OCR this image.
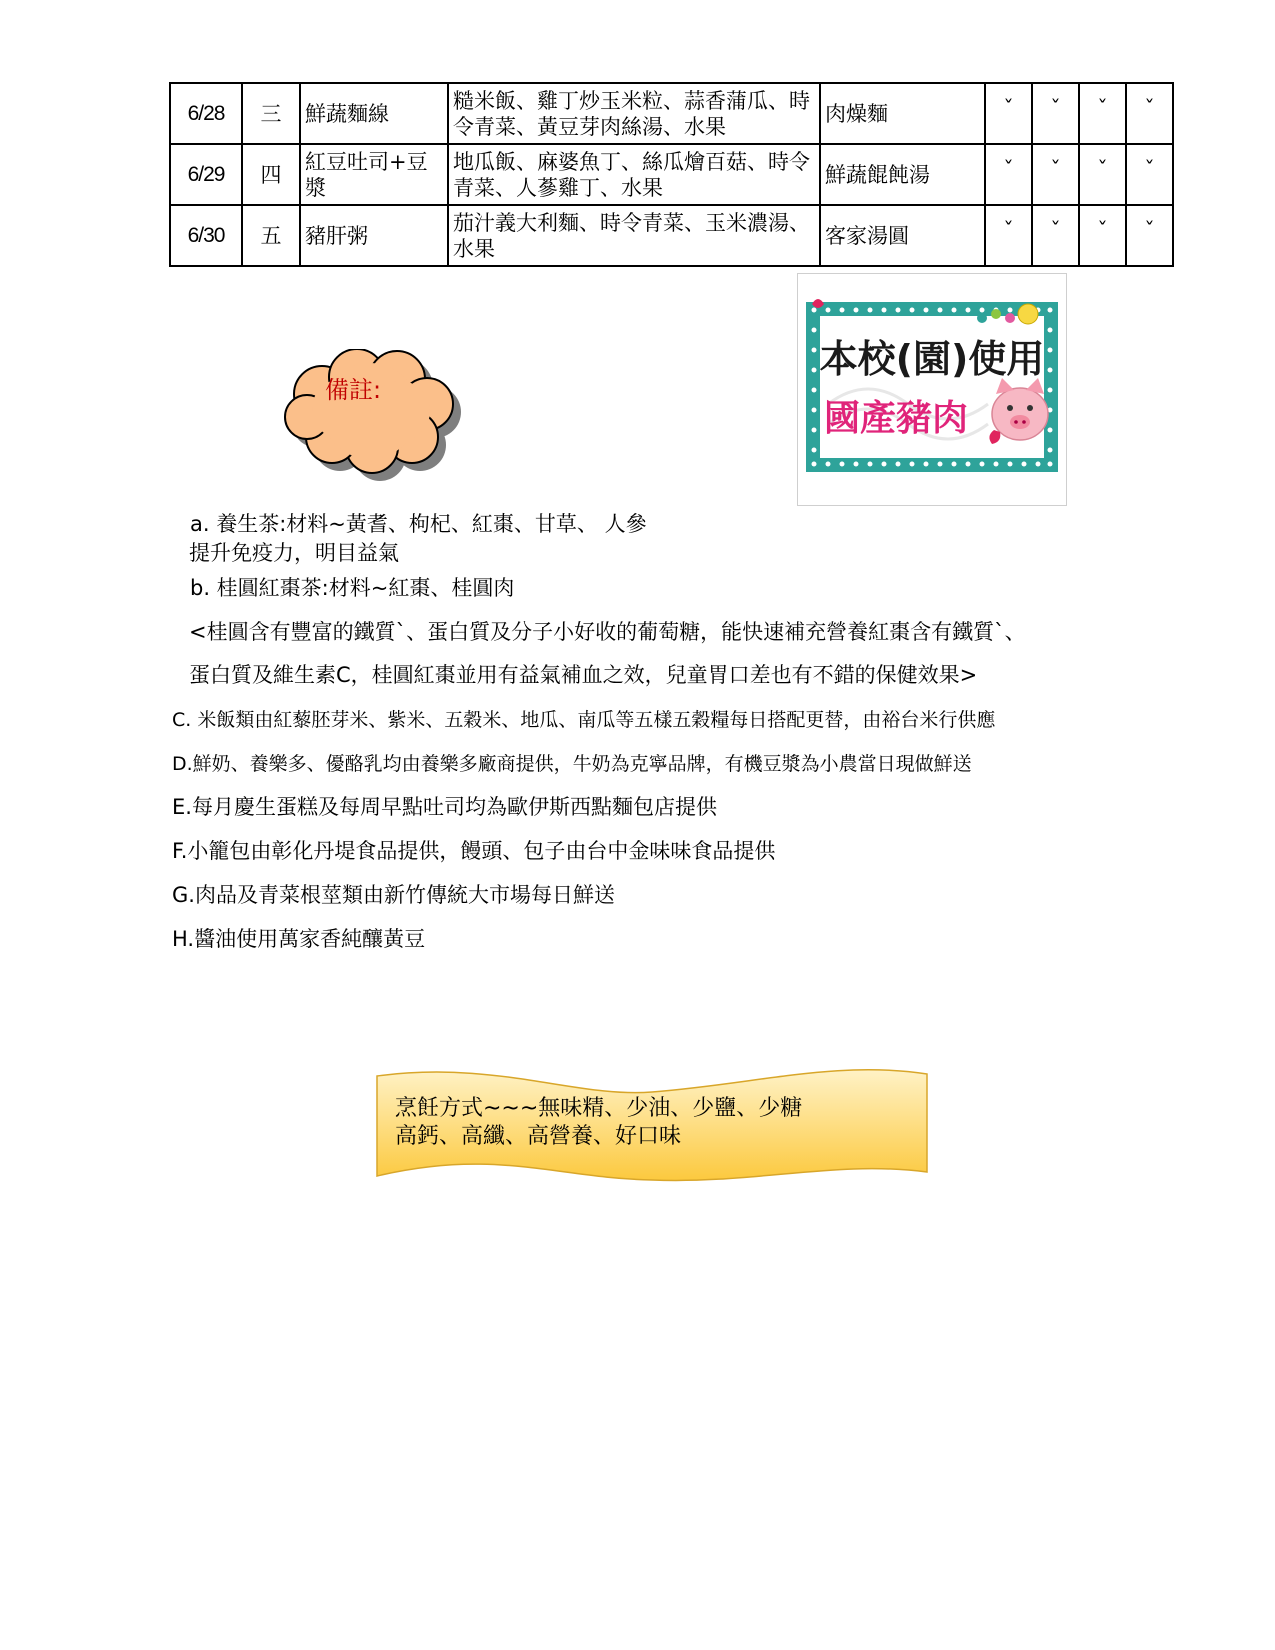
6/28	三	鮮蔬麵線	糙米飯、雞丁炒玉米粒、蒜香蒲瓜、時令青菜、黃豆芽肉絲湯、水果	肉燥麵	ˇ	ˇ	ˇ	ˇ
6/29	四	紅豆吐司+豆漿	地瓜飯、麻婆魚丁、絲瓜燴百菇、時令青菜、人蔘雞丁、水果	鮮蔬餛飩湯	ˇ	ˇ	ˇ	ˇ
6/30	五	豬肝粥	茄汁義大利麵、時令青菜、玉米濃湯、水果	客家湯圓	ˇ	ˇ	ˇ	ˇ
備註:
本校(園)使用
國產豬肉
a. 養生茶:材料~黃耆、枸杞、紅棗、甘草、 人參
提升免疫力，明目益氣
b. 桂圓紅棗茶:材料~紅棗、桂圓肉
<桂圓含有豐富的鐵質`、蛋白質及分子小好收的葡萄糖，能快速補充營養紅棗含有鐵質`、
蛋白質及維生素C，桂圓紅棗並用有益氣補血之效，兒童胃口差也有不錯的保健效果>
C. 米飯類由紅藜胚芽米、紫米、五穀米、地瓜、南瓜等五樣五穀糧每日搭配更替，由裕台米行供應
D.鮮奶、養樂多、優酪乳均由養樂多廠商提供，牛奶為克寧品牌，有機豆漿為小農當日現做鮮送
E.每月慶生蛋糕及每周早點吐司均為歐伊斯西點麵包店提供
F.小籠包由彰化丹堤食品提供，饅頭、包子由台中金味味食品提供
G.肉品及青菜根莖類由新竹傳統大市場每日鮮送
H.醬油使用萬家香純釀黃豆
烹飪方式~~~無味精、少油、少鹽、少糖
高鈣、高纖、高營養、好口味
